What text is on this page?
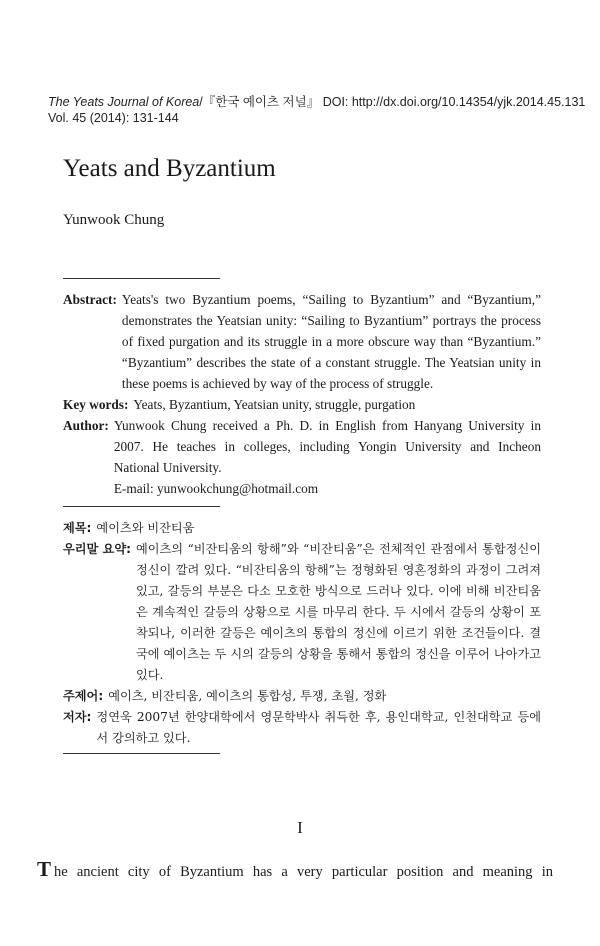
The Yeats Journal of Korea/『한국 예이츠 저널』 DOI: http://dx.doi.org/10.14354/yjk.2014.45.131
Vol. 45 (2014): 131-144
Yeats and Byzantium
Yunwook Chung
Abstract: Yeats's two Byzantium poems, “Sailing to Byzantium” and “Byzantium,” demonstrates the Yeatsian unity: “Sailing to Byzantium” portrays the process of fixed purgation and its struggle in a more obscure way than “Byzantium.” “Byzantium” describes the state of a constant struggle. The Yeatsian unity in these poems is achieved by way of the process of struggle.
Key words: Yeats, Byzantium, Yeatsian unity, struggle, purgation
Author: Yunwook Chung received a Ph. D. in English from Hanyang University in 2007. He teaches in colleges, including Yongin University and Incheon National University.
E-mail: yunwookchung@hotmail.com
제목: 예이츠와 비잔티움
우리말 요약: 예이츠의 “비잔티움의 항해”와 “비잔티움”은 전체적인 관점에서 통합정신이 정신이 깔려 있다. “비잔티움의 항해”는 정형화된 영혼정화의 과정이 그려져 있고, 갈등의 부분은 다소 모호한 방식으로 드러나 있다. 이에 비해 비잔티움은 계속적인 갈등의 상황으로 시를 마무리 한다. 두 시에서 갈등의 상황이 포착되나, 이러한 갈등은 예이츠의 통합의 정신에 이르기 위한 조건들이다. 결국에 예이츠는 두 시의 갈등의 상황을 통해서 통합의 정신을 이루어 나아가고 있다.
주제어: 예이츠, 비잔티움, 예이츠의 통합성, 투쟁, 초월, 정화
저자: 정연욱 2007년 한양대학에서 영문학박사 취득한 후, 용인대학교, 인천대학교 등에서 강의하고 있다.
I
T he ancient city of Byzantium has a very particular position and meaning in
